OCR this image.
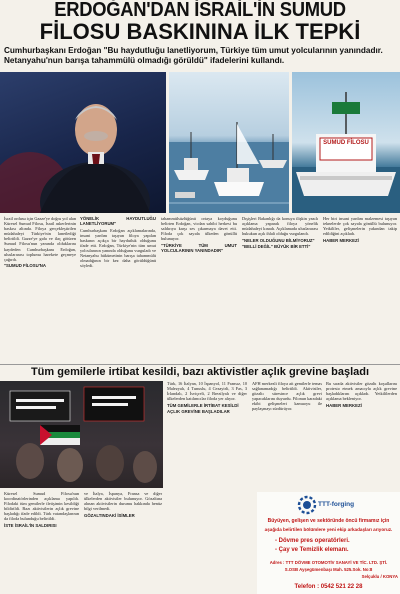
ERDOĞAN'DAN İSRAİL'İN SUMUD
FİLOSU BASKININA İLK TEPKİ
Cumhurbaşkanı Erdoğan "Bu haydutluğu lanetliyorum, Türkiye tüm umut yolcularının yanındadır. Netanyahu'nun barışa tahammülü olmadığı görüldü" ifadelerini kullandı.
SUMUD FİLOSU

İsrail ordusu için Gazze'ye doğru yol alan Küresel Sumud Filosu, İsrail askerlerinin baskısı altında. Filoya gerçekleştirilen müdahaleyi Türkiye'nin lanetlediği belirtildi. Gazze'ye gıda ve ilaç götüren Sumud Filosu'nun yanında olduklarını kaydeden Cumhurbaşkanı Erdoğan, uluslararası toplumu harekete geçmeye çağırdı.

"SUMUD FİLOSU'NA

YÖNELİK HAYDUTLUĞU LANETLİYORUM"

Cumhurbaşkanı Erdoğan açıklamalarında, insani yardım taşıyan filoya yapılan baskının açıkça bir haydutluk olduğunu ifade etti. Erdoğan, Türkiye'nin tüm umut yolcularının yanında olduğunu vurguladı ve Netanyahu hükümetinin barışa tahammülü olmadığının bir kez daha görüldüğünü söyledi.

tahammülsüzlüğünü ortaya koyduğunu belirten Erdoğan, vicdan sahibi herkesi bu saldırıya karşı ses çıkarmaya davet etti. Filoda çok sayıda ülkeden gönüllü bulunuyor.

"TÜRKİYE TÜM UMUT YOLCULARININ YANINDADIR"

Dışişleri Bakanlığı da konuya ilişkin yazılı açıklama yaparak filoya yönelik müdahaleyi kınadı. Açıklamada uluslararası hukukun açık ihlali olduğu vurgulandı.

"NELER OLDUĞUNU BİLMİYORUZ"

"BELLİ DEĞİL" BÜYÜK BİR ETTİ"

Her biri insani yardım malzemesi taşıyan teknelerde çok sayıda gönüllü bulunuyor. Yetkililer, gelişmelerin yakından takip edildiğini açıkladı.

HABER MERKEZİ
Tüm gemilerle irtibat kesildi, bazı aktivistler açlık grevine başladı

Küresel Sumud Filosu'nun koordinatörlerinden açıklama yapıldı. Filodaki tüm gemilerle iletişimin kesildiği bildirildi. Bazı aktivistlerin açlık grevine başladığı ifade edildi. Türk vatandaşlarının da filoda bulunduğu belirtildi.

İSTE İSRAİL'İN SALDIRISI

ve İtalya, İspanya, Fransa ve diğer ülkelerden aktivistler bulunuyor. Gözaltına alınan aktivistlerin durumu hakkında henüz bilgi verilmedi.

GÖZALTINDAKİ İSİMLER

Türk, 16 İtalyan, 10 İspanyol, 11 Fransız, 10 Malezyalı, 4 Tunuslu, 4 Cezayirli, 3 Fas, 3 İrlandalı, 2 İsviçreli, 2 Brezilyalı ve diğer ülkelerden katılımcılar filoda yer alıyor.

TÜM GEMİLERLE İRTİBAT KESİLDİ

AÇLIK GREVİNE BAŞLADILAR

AFH merkezli filoya ait gemilerle temas sağlanamadığı belirtildi. Aktivistler, gözaltı süresince açlık grevi yapacaklarını duyurdu. Filonun karadaki ekibi gelişmeleri kamuoyu ile paylaşmayı sürdürüyor.

Bu sırada aktivistler gözaltı koşullarını protesto etmek amacıyla açlık grevine başladıklarını açıkladı. Yetkililerden açıklama bekleniyor.

HABER MERKEZİ
TTT-forging
Büyüyen, gelişen ve sektöründe öncü firmamız için
aşağıda belirtilen bölümlere yeni ekip arkadaşları arıyoruz.
- Dövme pres operatörleri.
- Çay ve Temizlik elemanı.
Adres : TTT DÖVME OTOMOTİV SANAYİ VE TİC. LTD. ŞTİ.
S.OSB Ayşegümenbaşı Mah. 525.Sok. No:8
Selçuklu / KONYA
Telefon : 0542 521 22 28
